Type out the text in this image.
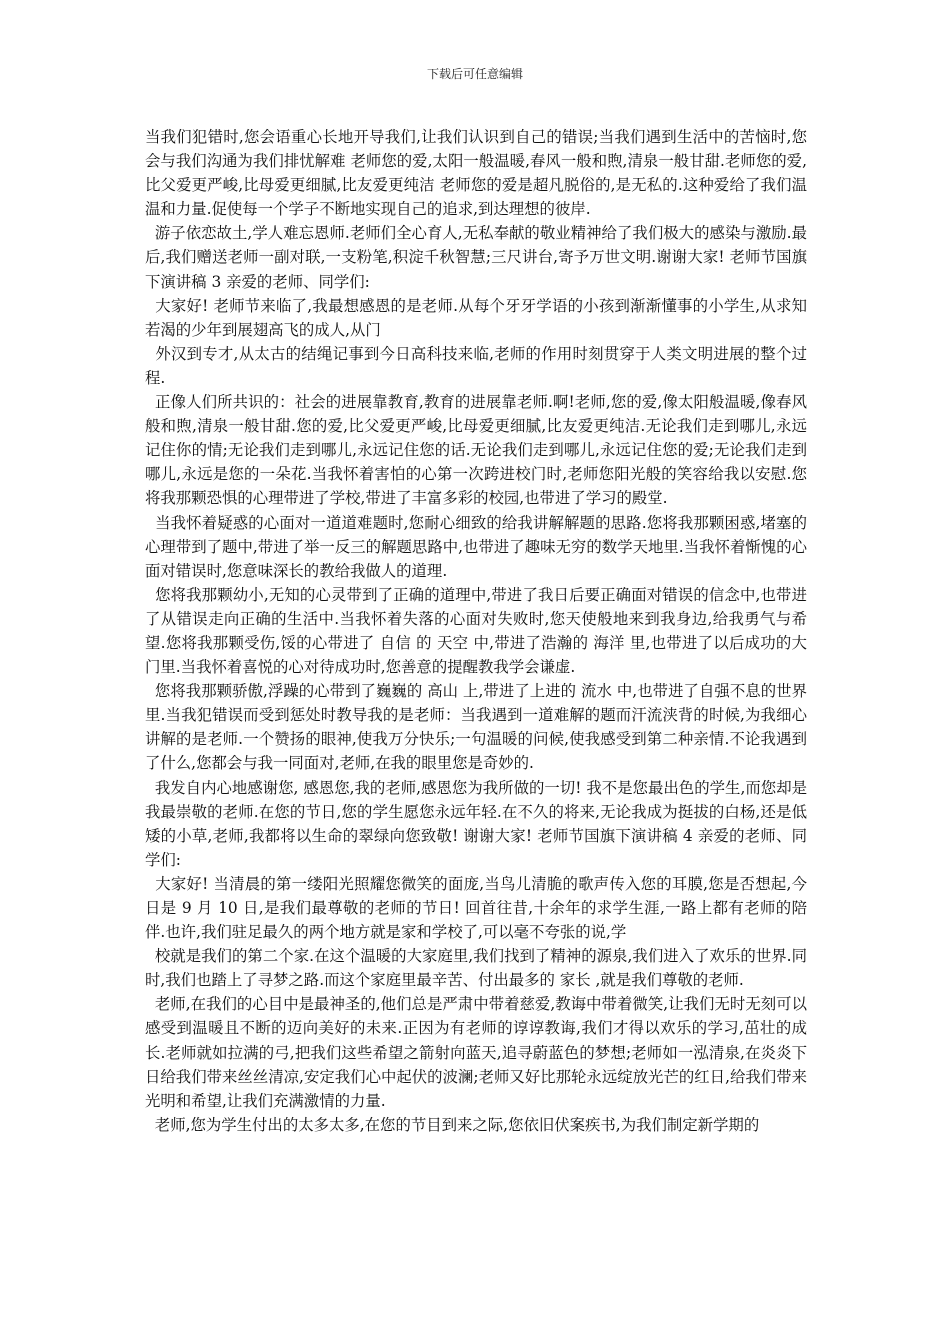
下载后可任意编辑

当我们犯错时,您会语重心长地开导我们,让我们认识到自己的错误;当我们遇到生活中的苦恼时,您会与我们沟通为我们排忧解难 老师您的爱,太阳一般温暖,春风一般和煦,清泉一般甘甜.老师您的爱,比父爱更严峻,比母爱更细腻,比友爱更纯洁 老师您的爱是超凡脱俗的,是无私的.这种爱给了我们温温和力量.促使每一个学子不断地实现自己的追求,到达理想的彼岸.

游子依恋故土,学人难忘恩师.老师们全心育人,无私奉献的敬业精神给了我们极大的感染与激励.最后,我们赠送老师一副对联,一支粉笔,积淀千秋智慧;三尺讲台,寄予万世文明.谢谢大家! 老师节国旗下演讲稿 3 亲爱的老师、同学们:

大家好! 老师节来临了,我最想感恩的是老师.从每个牙牙学语的小孩到渐渐懂事的小学生,从求知若渴的少年到展翅高飞的成人,从门

外汉到专才,从太古的结绳记事到今日高科技来临,老师的作用时刻贯穿于人类文明进展的整个过程.

正像人们所共识的：社会的进展靠教育,教育的进展靠老师.啊!老师,您的爱,像太阳般温暖,像春风般和煦,清泉一般甘甜.您的爱,比父爱更严峻,比母爱更细腻,比友爱更纯洁.无论我们走到哪儿,永远记住你的情;无论我们走到哪儿,永远记住您的话.无论我们走到哪儿,永远记住您的爱;无论我们走到哪儿,永远是您的一朵花.当我怀着害怕的心第一次跨进校门时,老师您阳光般的笑容给我以安慰.您将我那颗恐惧的心理带进了学校,带进了丰富多彩的校园,也带进了学习的殿堂.

当我怀着疑惑的心面对一道道难题时,您耐心细致的给我讲解解题的思路.您将我那颗困惑,堵塞的心理带到了题中,带进了举一反三的解题思路中,也带进了趣味无穷的数学天地里.当我怀着惭愧的心面对错误时,您意味深长的教给我做人的道理.

您将我那颗幼小,无知的心灵带到了正确的道理中,带进了我日后要正确面对错误的信念中,也带进了从错误走向正确的生活中.当我怀着失落的心面对失败时,您天使般地来到我身边,给我勇气与希望.您将我那颗受伤,馁的心带进了 自信 的 天空 中,带进了浩瀚的 海洋 里,也带进了以后成功的大门里.当我怀着喜悦的心对待成功时,您善意的提醒教我学会谦虚.

您将我那颗骄傲,浮躁的心带到了巍巍的 高山 上,带进了上进的 流水 中,也带进了自强不息的世界里.当我犯错误而受到惩处时教导我的是老师：当我遇到一道难解的题而汗流浃背的时候,为我细心讲解的是老师.一个赞扬的眼神,使我万分快乐;一句温暖的问候,使我感受到第二种亲情.不论我遇到了什么,您都会与我一同面对,老师,在我的眼里您是奇妙的.

我发自内心地感谢您, 感恩您,我的老师,感恩您为我所做的一切! 我不是您最出色的学生,而您却是我最崇敬的老师.在您的节日,您的学生愿您永远年轻.在不久的将来,无论我成为挺拔的白杨,还是低矮的小草,老师,我都将以生命的翠绿向您致敬! 谢谢大家! 老师节国旗下演讲稿 4 亲爱的老师、同学们:

大家好! 当清晨的第一缕阳光照耀您微笑的面庞,当鸟儿清脆的歌声传入您的耳膜,您是否想起,今日是 9 月 10 日,是我们最尊敬的老师的节日! 回首往昔,十余年的求学生涯,一路上都有老师的陪伴.也许,我们驻足最久的两个地方就是家和学校了,可以毫不夸张的说,学

校就是我们的第二个家.在这个温暖的大家庭里,我们找到了精神的源泉,我们进入了欢乐的世界.同时,我们也踏上了寻梦之路.而这个家庭里最辛苦、付出最多的 家长 ,就是我们尊敬的老师.

老师,在我们的心目中是最神圣的,他们总是严肃中带着慈爱,教诲中带着微笑,让我们无时无刻可以感受到温暖且不断的迈向美好的未来.正因为有老师的谆谆教诲,我们才得以欢乐的学习,茁壮的成长.老师就如拉满的弓,把我们这些希望之箭射向蓝天,追寻蔚蓝色的梦想;老师如一泓清泉,在炎炎下日给我们带来丝丝清凉,安定我们心中起伏的波澜;老师又好比那轮永远绽放光芒的红日,给我们带来光明和希望,让我们充满激情的力量.

老师,您为学生付出的太多太多,在您的节目到来之际,您依旧伏案疾书,为我们制定新学期的
